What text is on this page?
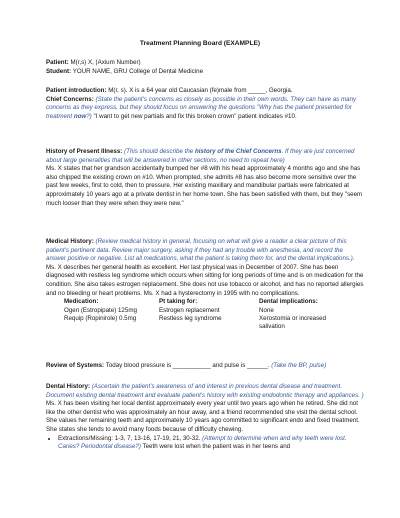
Treatment Planning Board (EXAMPLE)

Patient: M(r,s) X, (Axium Number)

Student: YOUR NAME, GRU College of Dental Medicine

Patient introduction: M(r, s). X is a 64 year old Caucasian (fe)male from _____, Georgia.

Chief Concerns: (State the patient’s concerns as closely as possible in their own words. They can have as many concerns as they express, but they should focus on answering the questions "Why has the patient presented for treatment now?) "I want to get new partials and fix this broken crown" patient indicates #10.

History of Present Illness: (This should describe the history of the Chief Concerns. If they are just concerned about large generalities that will be answered in other sections, no need to repeat here)

Ms. X states that her grandson accidentally bumped her #8 with his head approximately 4 months ago and she has also chipped the existing crown on #10. When prompted, she admits #8 has also become more sensitive over the past few weeks, first to cold, then to pressure. Her existing maxillary and mandibular partials were fabricated at approximately 10 years ago at a private dentist in her home town. She has been satisfied with them, but they "seem much looser than they were when they were new."

Medical History: (Review medical history in general, focusing on what will give a reader a clear picture of this patient’s pertinent data. Review major surgery, asking if they had any trouble with anesthesia, and record the answer positive or negative. List all medications, what the patient is taking them for, and the dental implications.).

Ms. X describes her general health as excellent. Her last physical was in December of 2007. She has been diagnosed with restless leg syndrome which occurs when sitting for long periods of time and is on medication for the condition. She also takes estrogen replacement. She does not use tobacco or alcohol, and has no reported allergies and no bleeding or heart problems. Ms. X had a hysterectomy in 1995 with no complications.

Medication:	Pt taking for:	Dental implications:
Ogen (Estropipate) 125mg	Estrogen replacement	None
Requip (Ropinirole) 0.5mg	Restless leg syndrome	Xerostomia or increased salivation

Review of Systems: Today blood pressure is ___________ and pulse is ______. (Take the BP, pulse)

Dental History: (Ascertain the patient’s awareness of and interest in previous dental disease and treatment. Document existing dental treatment and evaluate patient’s history with existing endodontic therapy and appliances. ) Ms. X has been visiting her local dentist approximately every year until two years ago when he retired. She did not like the other dentist who was approximately an hour away, and a friend recommended she visit the dental school. She values her remaining teeth and approximately 10 years ago committed to significant endo and fixed treatment. She states she tends to avoid many foods because of difficulty chewing.

• Extractions/Missing: 1-3, 7, 13-16, 17-19, 21, 30-32. (Attempt to determine when and why teeth were lost. Caries? Periodontal disease?) Teeth were lost when the patient was in her teens and
